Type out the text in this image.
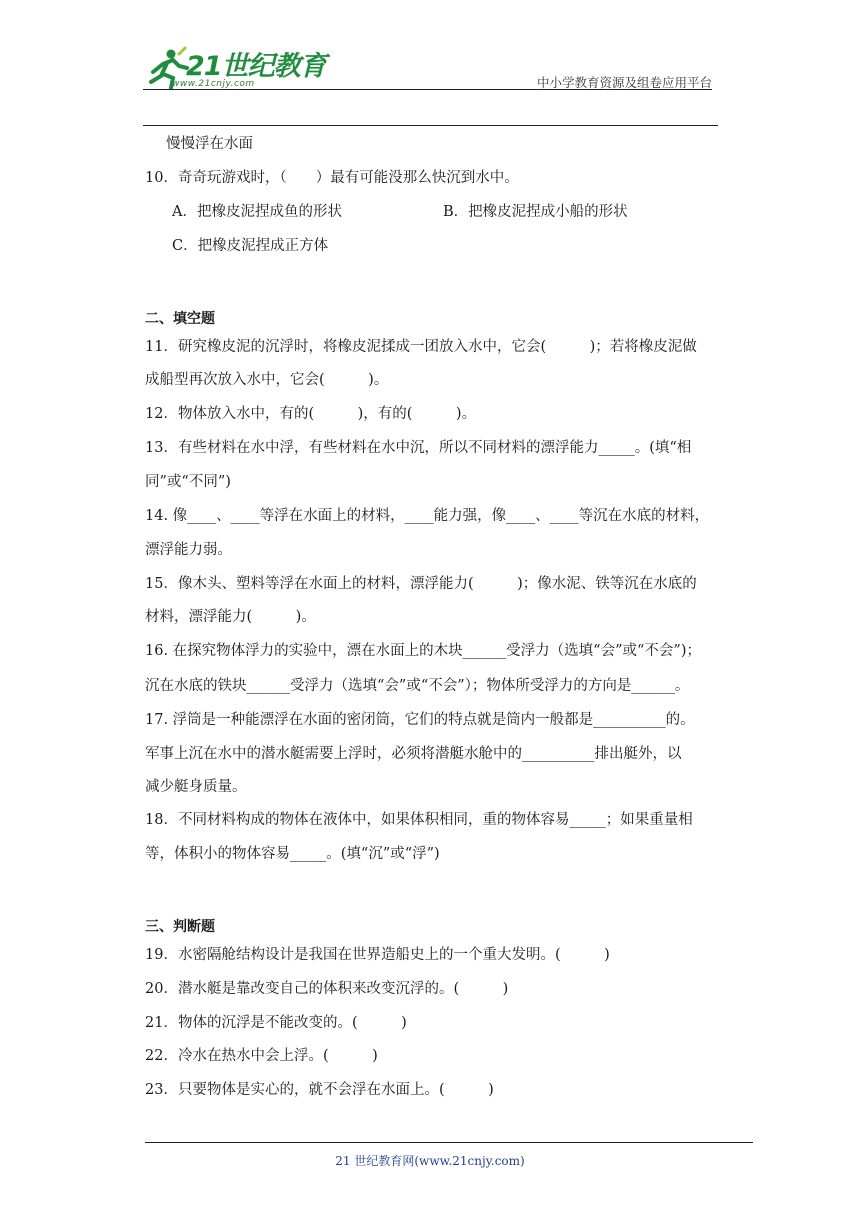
21世纪教育
www.21cnjy.com	中小学教育资源及组卷应用平台
慢慢浮在水面
10．奇奇玩游戏时，（　　）最有可能没那么快沉到水中。
A．把橡皮泥捏成鱼的形状	B．把橡皮泥捏成小船的形状
C．把橡皮泥捏成正方体
二、填空题
11．研究橡皮泥的沉浮时，将橡皮泥揉成一团放入水中，它会(　　　)；若将橡皮泥做
成船型再次放入水中，它会(　　　)。
12．物体放入水中，有的(　　　)，有的(　　　)。
13．有些材料在水中浮，有些材料在水中沉，所以不同材料的漂浮能力_____。(填“相
同”或“不同”)
14. 像____、____等浮在水面上的材料，____能力强，像____、____等沉在水底的材料，
漂浮能力弱。
15．像木头、塑料等浮在水面上的材料，漂浮能力(　　　)；像水泥、铁等沉在水底的
材料，漂浮能力(　　　)。
16. 在探究物体浮力的实验中，漂在水面上的木块______受浮力（选填“会”或“不会”)；
沉在水底的铁块______受浮力（选填“会”或“不会”）；物体所受浮力的方向是______。
17. 浮筒是一种能漂浮在水面的密闭筒，它们的特点就是筒内一般都是__________的。
军事上沉在水中的潜水艇需要上浮时，必须将潜艇水舱中的__________排出艇外，以
减少艇身质量。
18．不同材料构成的物体在液体中，如果体积相同，重的物体容易_____；如果重量相
等，体积小的物体容易_____。(填“沉”或“浮”)
三、判断题
19．水密隔舱结构设计是我国在世界造船史上的一个重大发明。(　　　)
20．潜水艇是靠改变自己的体积来改变沉浮的。(　　　)
21．物体的沉浮是不能改变的。(　　　)
22．冷水在热水中会上浮。(　　　)
23．只要物体是实心的，就不会浮在水面上。(　　　)
21 世纪教育网(www.21cnjy.com)
